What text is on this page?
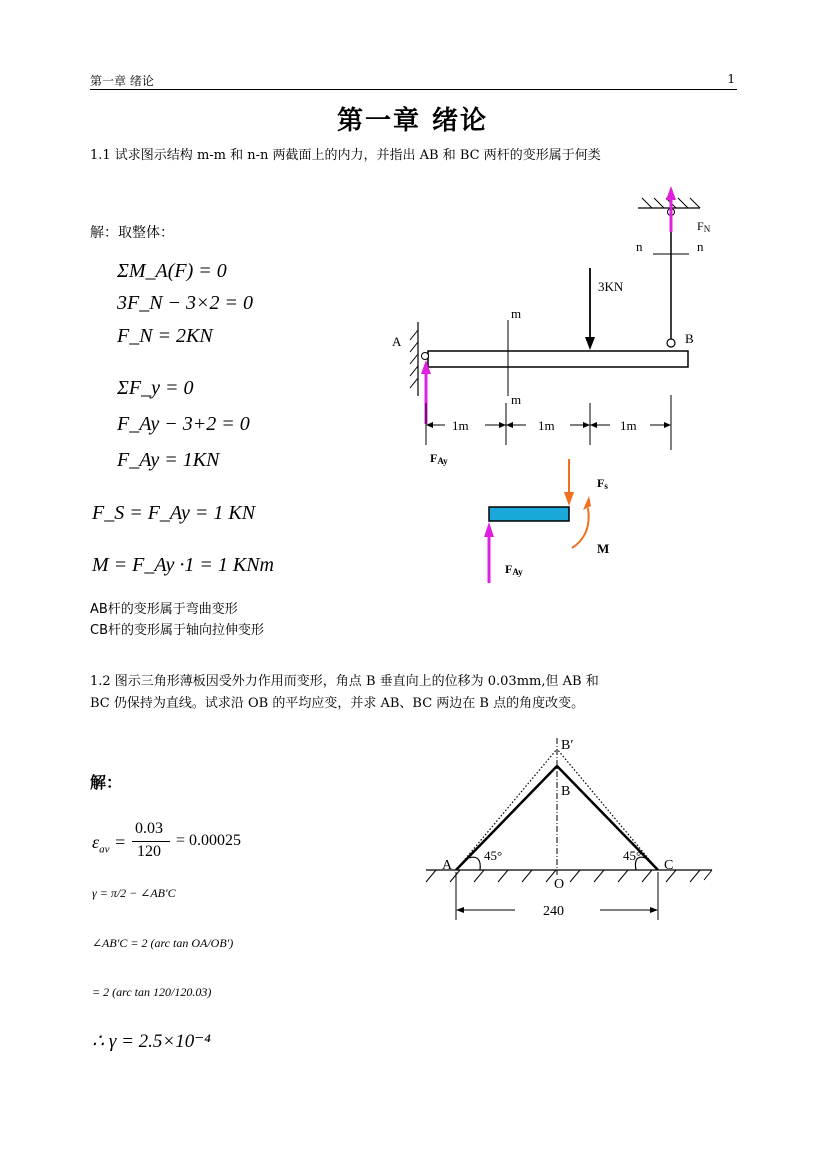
第一章 绪论	1
第一章 绪论
1.1 试求图示结构 m-m 和 n-n 两截面上的内力，并指出 AB 和 BC 两杆的变形属于何类
解：取整体：
ΣM_A(F) = 0
3F_N − 3×2 = 0
F_N = 2KN
ΣF_y = 0
F_Ay − 3+2 = 0
F_Ay = 1KN
F_S = F_Ay = 1 KN
M = F_Ay ·1 = 1 KNm
AB杆的变形属于弯曲变形
CB杆的变形属于轴向拉伸变形
n	n
FN
B
A
FAy
m
m
3KN
1m	1m	1m
FAy
Fs
M
1.2 图示三角形薄板因受外力作用而变形，角点 B 垂直向上的位移为 0.03mm,但 AB 和
BC 仍保持为直线。试求沿 OB 的平均应变，并求 AB、BC 两边在 B 点的角度改变。
解：
$\varepsilon_{av}$ =
0.03
120
= 0.00025
γ = π/2 − ∠AB′C
∠AB′C = 2 (arc tan OA/OB′)
= 2 (arc tan 120/120.03)
∴ γ = 2.5×10⁻⁴
45°	45°
A	C
B
B′
O
240
